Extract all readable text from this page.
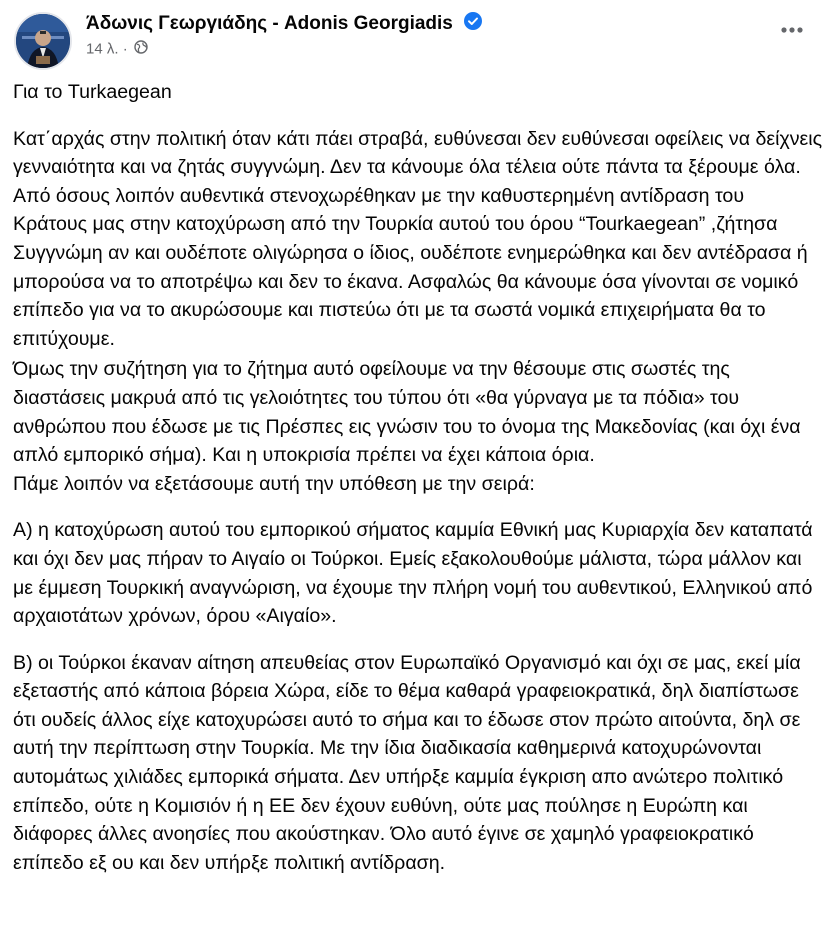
Άδωνις Γεωργιάδης - Adonis Georgiadis
14 λ. ·

Για το Turkaegean

Κατ΄αρχάς στην πολιτική όταν κάτι πάει στραβά, ευθύνεσαι δεν ευθύνεσαι οφείλεις να δείχνεις γενναιότητα και να ζητάς συγγνώμη. Δεν τα κάνουμε όλα τέλεια ούτε πάντα τα ξέρουμε όλα. Από όσους λοιπόν αυθεντικά στενοχωρέθηκαν με την καθυστερημένη αντίδραση του Κράτους μας στην κατοχύρωση από την Τουρκία αυτού του όρου “Tourkaegean” ,ζήτησα Συγγνώμη αν και ουδέποτε ολιγώρησα ο ίδιος, ουδέποτε ενημερώθηκα και δεν αντέδρασα ή μπορούσα να το αποτρέψω και δεν το έκανα. Ασφαλώς θα κάνουμε όσα γίνονται σε νομικό επίπεδο για να το ακυρώσουμε και πιστεύω ότι με τα σωστά νομικά επιχειρήματα θα το επιτύχουμε.

Όμως την συζήτηση για το ζήτημα αυτό οφείλουμε να την θέσουμε στις σωστές της διαστάσεις μακρυά από τις γελοιότητες του τύπου ότι «θα γύρναγα με τα πόδια» του ανθρώπου που έδωσε με τις Πρέσπες εις γνώσιν του το όνομα της Μακεδονίας (και όχι ένα απλό εμπορικό σήμα). Και η υποκρισία πρέπει να έχει κάποια όρια.

Πάμε λοιπόν να εξετάσουμε αυτή την υπόθεση με την σειρά:

Α) η κατοχύρωση αυτού του εμπορικού σήματος καμμία Εθνική μας Κυριαρχία δεν καταπατά και όχι δεν μας πήραν το Αιγαίο οι Τούρκοι. Εμείς εξακολουθούμε μάλιστα, τώρα μάλλον και με έμμεση Τουρκική αναγνώριση, να έχουμε την πλήρη νομή του αυθεντικού, Ελληνικού από αρχαιοτάτων χρόνων, όρου «Αιγαίο».

Β) οι Τούρκοι έκαναν αίτηση απευθείας στον Ευρωπαϊκό Οργανισμό και όχι σε μας, εκεί μία εξεταστής από κάποια βόρεια Χώρα, είδε το θέμα καθαρά γραφειοκρατικά, δηλ διαπίστωσε ότι ουδείς άλλος είχε κατοχυρώσει αυτό το σήμα και το έδωσε στον πρώτο αιτούντα, δηλ σε αυτή την περίπτωση στην Τουρκία. Με την ίδια διαδικασία καθημερινά κατοχυρώνονται αυτομάτως χιλιάδες εμπορικά σήματα. Δεν υπήρξε καμμία έγκριση απο ανώτερο πολιτικό επίπεδο, ούτε η Κομισιόν ή η ΕΕ δεν έχουν ευθύνη, ούτε μας πούλησε η Ευρώπη και διάφορες άλλες ανοησίες που ακούστηκαν. Όλο αυτό έγινε σε χαμηλό γραφειοκρατικό επίπεδο εξ ου και δεν υπήρξε πολιτική αντίδραση.
